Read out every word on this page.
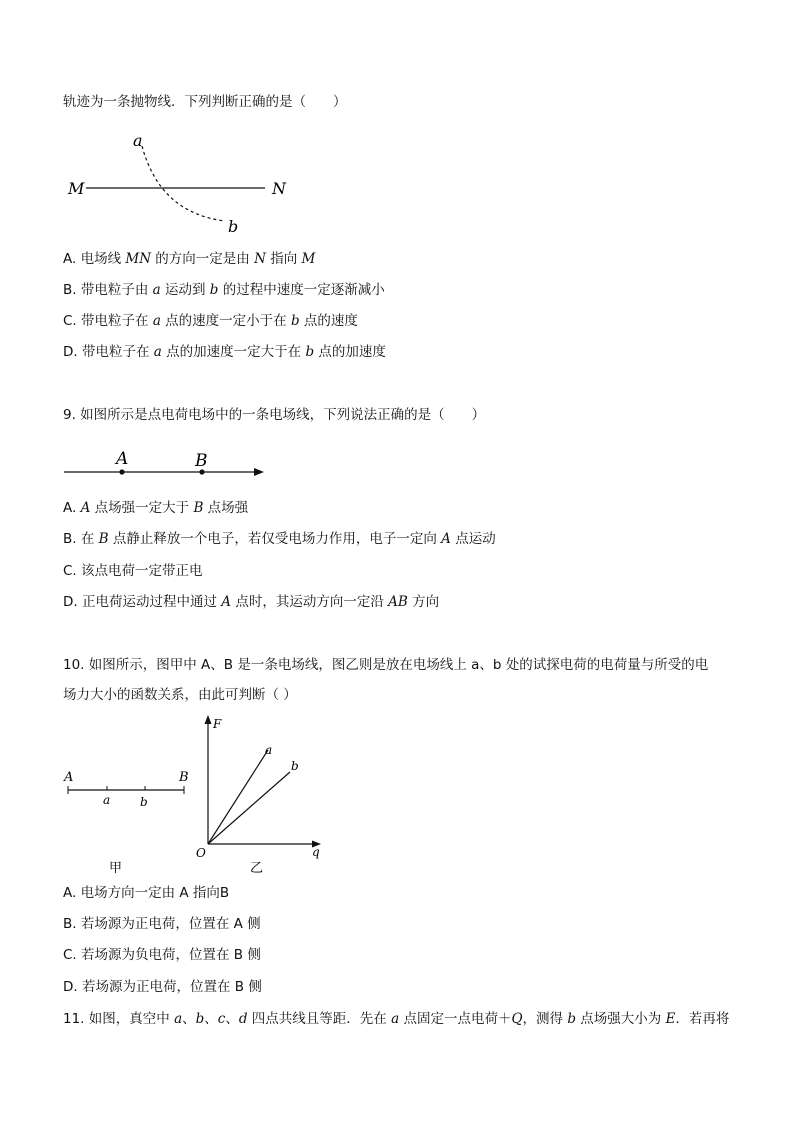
轨迹为一条抛物线．下列判断正确的是（　　）
a
b
M	N
A. 电场线 MN 的方向一定是由 N 指向 M
B. 带电粒子由 a 运动到 b 的过程中速度一定逐渐减小
C. 带电粒子在 a 点的速度一定小于在 b 点的速度
D. 带电粒子在 a 点的加速度一定大于在 b 点的加速度
9. 如图所示是点电荷电场中的一条电场线，下列说法正确的是（　　）
A	B
A. A 点场强一定大于 B 点场强
B. 在 B 点静止释放一个电子，若仅受电场力作用，电子一定向 A 点运动
C. 该点电荷一定带正电
D. 正电荷运动过程中通过 A 点时，其运动方向一定沿 AB 方向
10. 如图所示，图甲中 A、B 是一条电场线，图乙则是放在电场线上 a、b 处的试探电荷的电荷量与所受的电
场力大小的函数关系，由此可判断（ ）
A	B
a b
甲
F
O	q
a
b
乙
A. 电场方向一定由 A 指向B
B. 若场源为正电荷，位置在 A 侧
C. 若场源为负电荷，位置在 B 侧
D. 若场源为正电荷，位置在 B 侧
11. 如图，真空中 a、b、c、d 四点共线且等距．先在 a 点固定一点电荷＋Q，测得 b 点场强大小为 E．若再将
